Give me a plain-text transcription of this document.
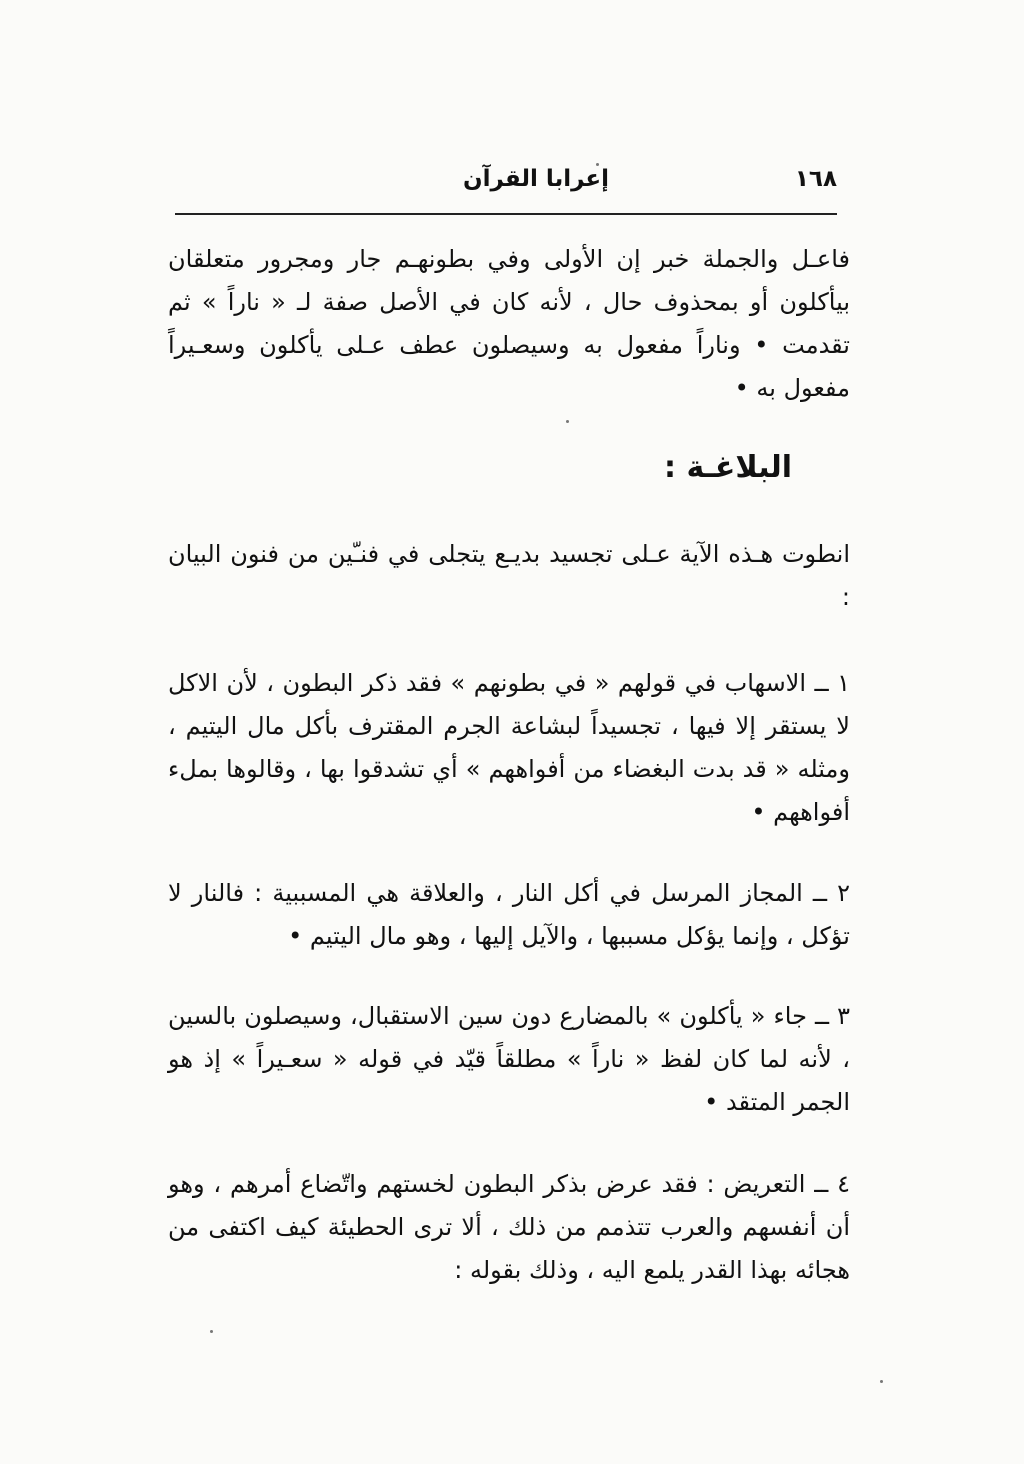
١٦٨
إعرابا القرآن

فاعـل والجملة خبر إن الأولى وفي بطونهـم جار ومجرور متعلقان بيأكلون أو بمحذوف حال ، لأنه كان في الأصل صفة لـ « ناراً » ثم تقدمت • وناراً مفعول به وسيصلون عطف عـلى يأكلون وسعـيراً مفعول به •

البلاغـة :

انطوت هـذه الآية عـلى تجسيد بديـع يتجلى في فنـّين من فنون البيان :

١ ــ الاسهاب في قولهم « في بطونهم » فقد ذكر البطون ، لأن الاكل لا يستقر إلا فيها ، تجسيداً لبشاعة الجرم المقترف بأكل مال اليتيم ، ومثله « قد بدت البغضاء من أفواههم » أي تشدقوا بها ، وقالوها بملء أفواههم •

٢ ــ المجاز المرسل في أكل النار ، والعلاقة هي المسببية : فالنار لا تؤكل ، وإنما يؤكل مسببها ، والآيل إليها ، وهو مال اليتيم •

٣ ــ جاء « يأكلون » بالمضارع دون سين الاستقبال، وسيصلون بالسين ، لأنه لما كان لفظ « ناراً » مطلقاً قيّد في قوله « سعـيراً » إذ هو الجمر المتقد •

٤ ــ التعريض : فقد عرض بذكر البطون لخستهم واتّضاع أمرهم ، وهو أن أنفسهم والعرب تتذمم من ذلك ، ألا ترى الحطيئة كيف اكتفى من هجائه بهذا القدر يلمع اليه ، وذلك بقوله :
